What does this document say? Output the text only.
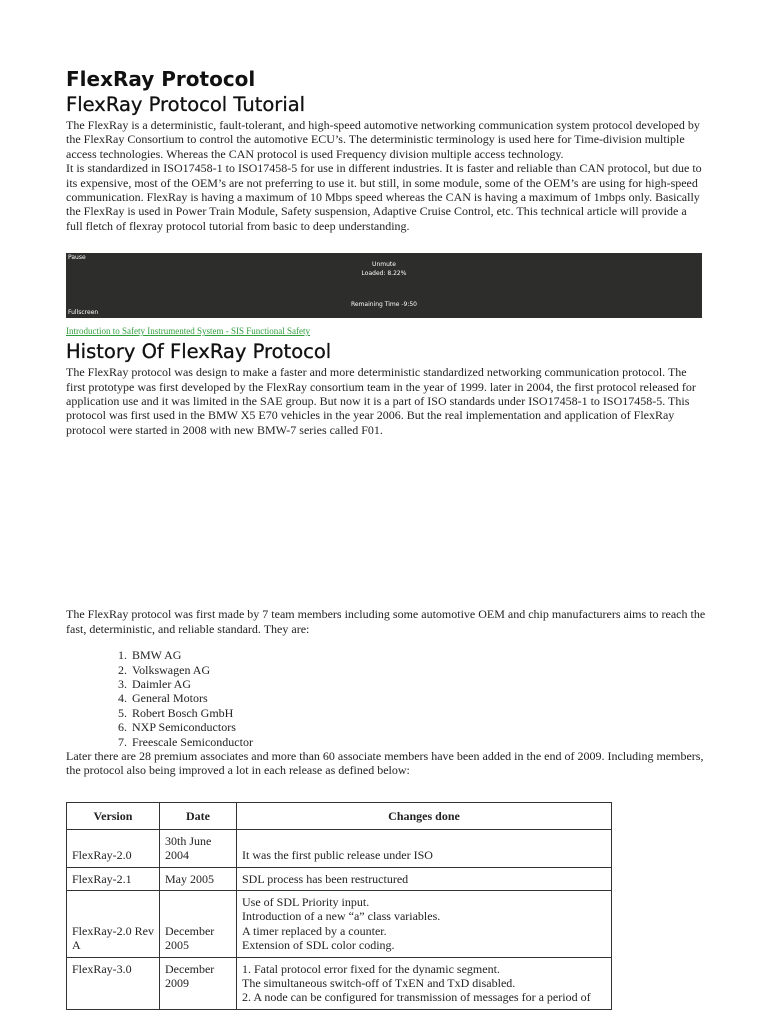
FlexRay Protocol
FlexRay Protocol Tutorial

The FlexRay is a deterministic, fault-tolerant, and high-speed automotive networking communication system protocol developed by the FlexRay Consortium to control the automotive ECU’s. The deterministic terminology is used here for Time-division multiple access technologies. Whereas the CAN protocol is used Frequency division multiple access technology.

It is standardized in ISO17458-1 to ISO17458-5 for use in different industries. It is faster and reliable than CAN protocol, but due to its expensive, most of the OEM’s are not preferring to use it. but still, in some module, some of the OEM’s are using for high-speed communication. FlexRay is having a maximum of 10 Mbps speed whereas the CAN is having a maximum of 1mbps only. Basically the FlexRay is used in Power Train Module, Safety suspension, Adaptive Cruise Control, etc. This technical article will provide a full fletch of flexray protocol tutorial from basic to deep understanding.

Pause
Unmute
Loaded: 8.22%
Remaining Time -9:50
Fullscreen
Introduction to Safety Instrumented System - SIS Functional Safety
History Of FlexRay Protocol

The FlexRay protocol was design to make a faster and more deterministic standardized networking communication protocol. The first prototype was first developed by the FlexRay consortium team in the year of 1999. later in 2004, the first protocol released for application use and it was limited in the SAE group. But now it is a part of ISO standards under ISO17458-1 to ISO17458-5. This protocol was first used in the BMW X5 E70 vehicles in the year 2006. But the real implementation and application of FlexRay protocol were started in 2008 with new BMW-7 series called F01.

The FlexRay protocol was first made by 7 team members including some automotive OEM and chip manufacturers aims to reach the fast, deterministic, and reliable standard. They are:

1. BMW AG
2. Volkswagen AG
3. Daimler AG
4. General Motors
5. Robert Bosch GmbH
6. NXP Semiconductors
7. Freescale Semiconductor

Later there are 28 premium associates and more than 60 associate members have been added in the end of 2009. Including members, the protocol also being improved a lot in each release as defined below:

Version	Date	Changes done
FlexRay-2.0	30th June 2004	It was the first public release under ISO

FlexRay-2.1	May 2005	SDL process has been restructured

FlexRay-2.0 Rev A	December 2005	Use of SDL Priority input.
Introduction of a new “a” class variables.
A timer replaced by a counter.
Extension of SDL color coding.

FlexRay-3.0	December 2009	1. Fatal protocol error fixed for the dynamic segment.
The simultaneous switch-off of TxEN and TxD disabled.
2. A node can be configured for transmission of messages for a period of
